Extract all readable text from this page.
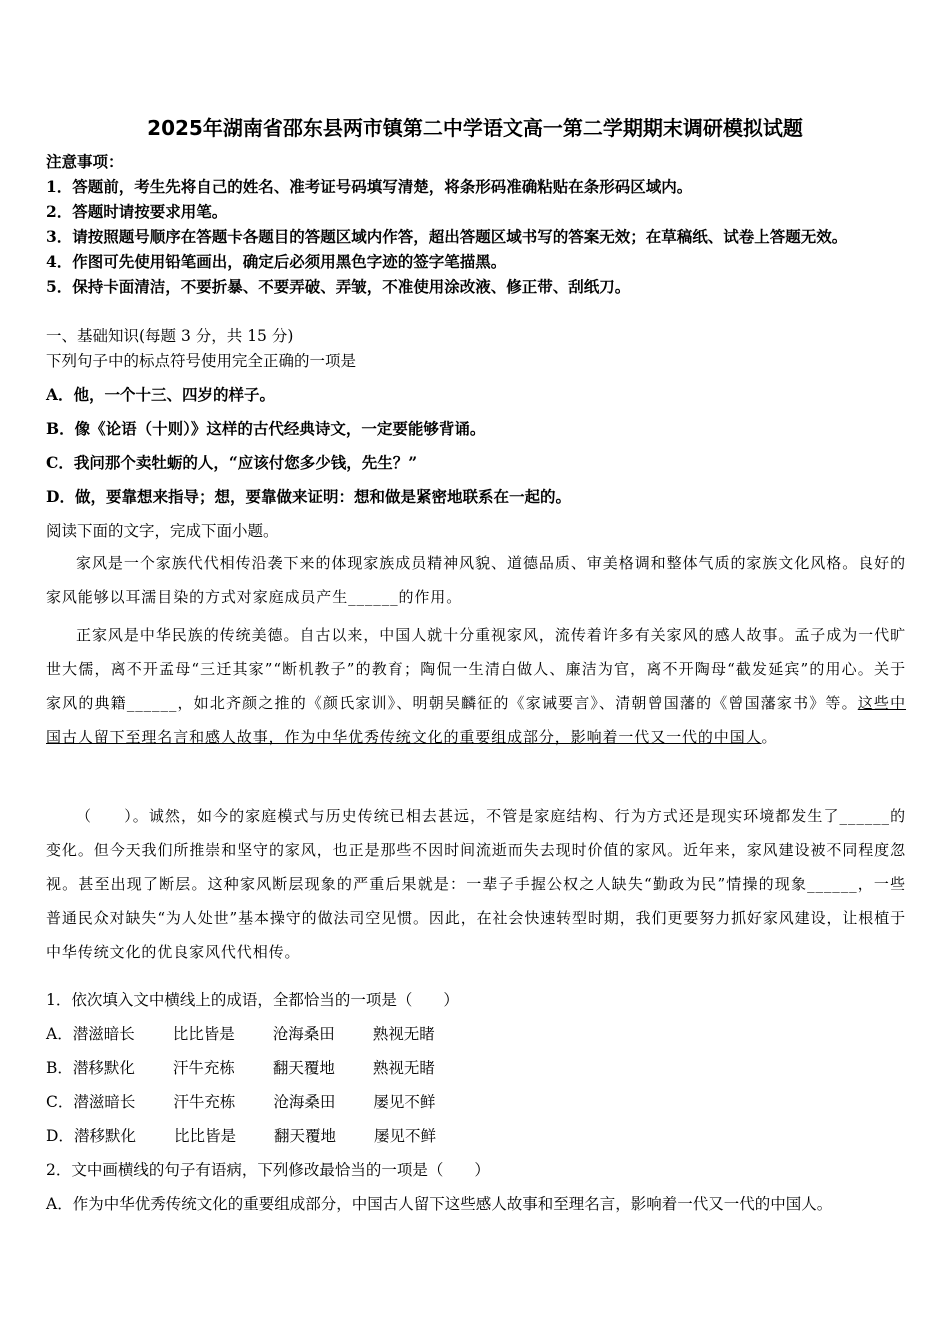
2025年湖南省邵东县两市镇第二中学语文高一第二学期期末调研模拟试题
注意事项：
1．答题前，考生先将自己的姓名、准考证号码填写清楚，将条形码准确粘贴在条形码区域内。
2．答题时请按要求用笔。
3．请按照题号顺序在答题卡各题目的答题区域内作答，超出答题区域书写的答案无效；在草稿纸、试卷上答题无效。
4．作图可先使用铅笔画出，确定后必须用黑色字迹的签字笔描黑。
5．保持卡面清洁，不要折暴、不要弄破、弄皱，不准使用涂改液、修正带、刮纸刀。
一、基础知识(每题 3 分，共 15 分)
下列句子中的标点符号使用完全正确的一项是
A．他，一个十三、四岁的样子。
B．像《论语（十则）》这样的古代经典诗文，一定要能够背诵。
C．我问那个卖牡蛎的人，“应该付您多少钱，先生？”
D．做，要靠想来指导；想，要靠做来证明：想和做是紧密地联系在一起的。
阅读下面的文字，完成下面小题。
家风是一个家族代代相传沿袭下来的体现家族成员精神风貌、道德品质、审美格调和整体气质的家族文化风格。良好的家风能够以耳濡目染的方式对家庭成员产生______的作用。
正家风是中华民族的传统美德。自古以来，中国人就十分重视家风，流传着许多有关家风的感人故事。孟子成为一代旷世大儒，离不开孟母“三迁其家”“断机教子”的教育；陶侃一生清白做人、廉洁为官，离不开陶母“截发延宾”的用心。关于家风的典籍______，如北齐颜之推的《颜氏家训》、明朝吴麟征的《家诫要言》、清朝曾国藩的《曾国藩家书》等。这些中国古人留下至理名言和感人故事，作为中华优秀传统文化的重要组成部分，影响着一代又一代的中国人。
（　　）。诚然，如今的家庭模式与历史传统已相去甚远，不管是家庭结构、行为方式还是现实环境都发生了______的变化。但今天我们所推崇和坚守的家风，也正是那些不因时间流逝而失去现时价值的家风。近年来，家风建设被不同程度忽视。甚至出现了断层。这种家风断层现象的严重后果就是：一辈子手握公权之人缺失“勤政为民”情操的现象______，一些普通民众对缺失“为人处世”基本操守的做法司空见惯。因此，在社会快速转型时期，我们更要努力抓好家风建设，让根植于中华传统文化的优良家风代代相传。
1．依次填入文中横线上的成语，全都恰当的一项是（　　）
A．潜滋暗长 比比皆是 沧海桑田 熟视无睹
B．潜移默化 汗牛充栋 翻天覆地 熟视无睹
C．潜滋暗长 汗牛充栋 沧海桑田 屡见不鲜
D．潜移默化 比比皆是 翻天覆地 屡见不鲜
2．文中画横线的句子有语病，下列修改最恰当的一项是（　　）
A．作为中华优秀传统文化的重要组成部分，中国古人留下这些感人故事和至理名言，影响着一代又一代的中国人。
